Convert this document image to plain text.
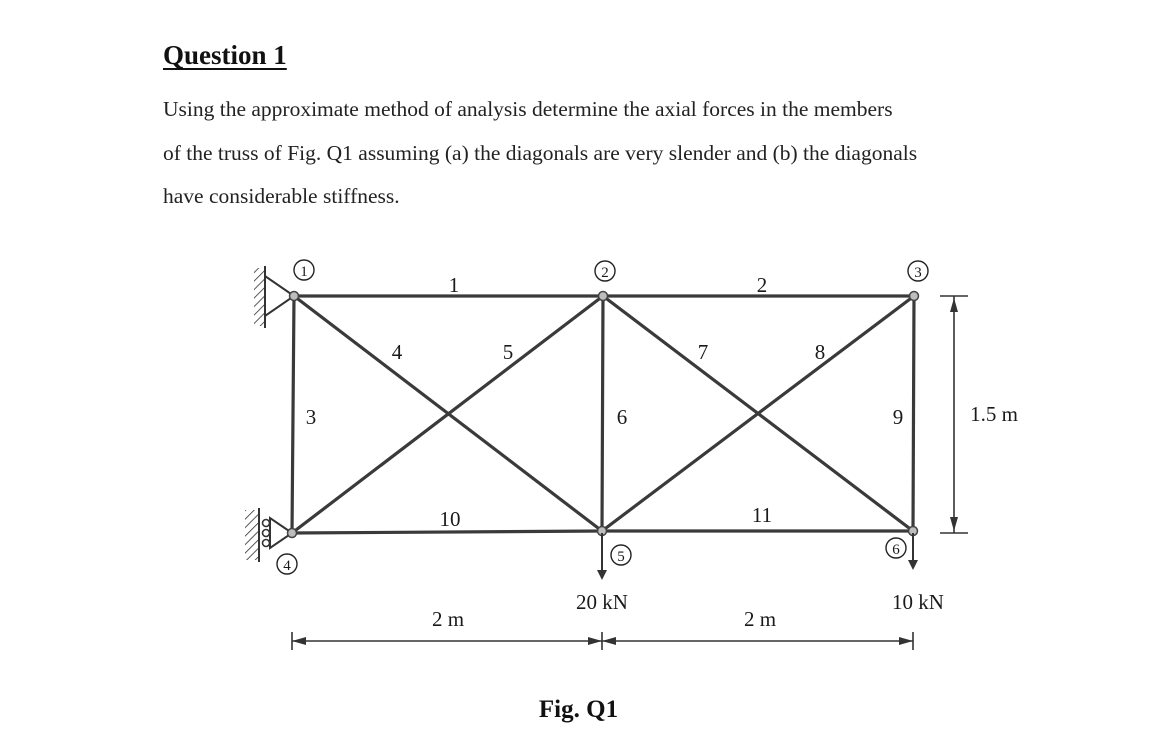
Question 1
Using the approximate method of analysis determine the axial forces in the members
of the truss of Fig. Q1 assuming (a) the diagonals are very slender and (b) the diagonals
have considerable stiffness.
1	2	3
4
5	6
1	2
3
4	5
6
7	8
9
10	11
20 kN	10 kN
2 m	2 m
1.5 m
Fig. Q1
